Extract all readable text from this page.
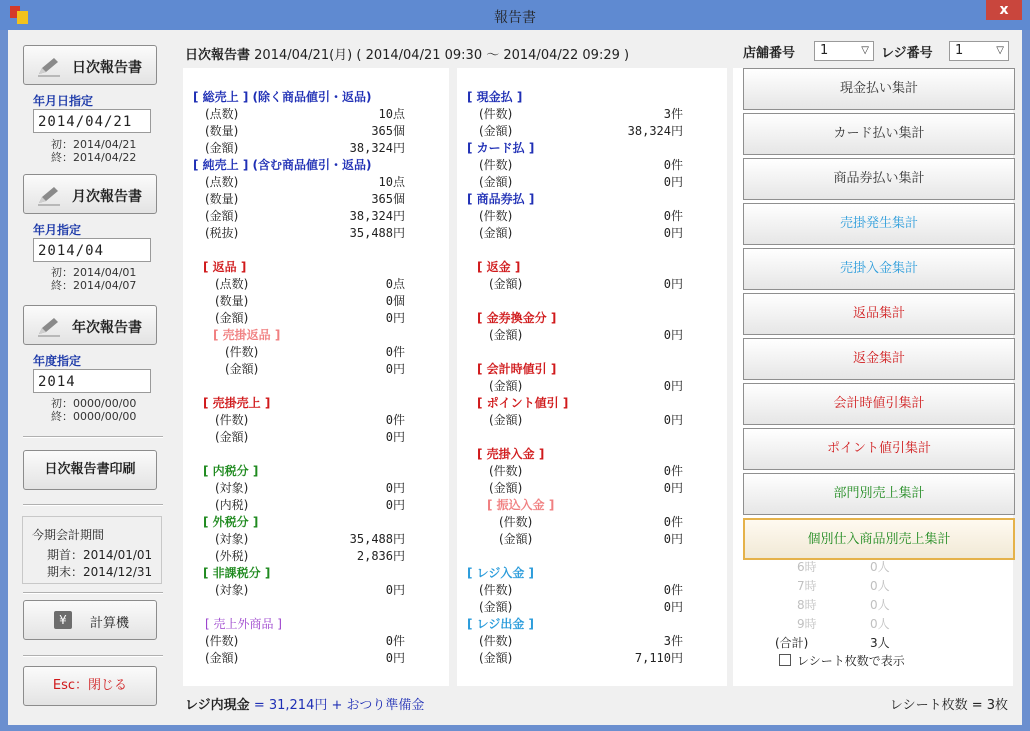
報告書	x
日次報告書
年月日指定
2014/04/21
初：2014/04/21
終：2014/04/22
月次報告書
年月指定
2014/04
初：2014/04/01
終：2014/04/07
年次報告書
年度指定
2014
初：0000/00/00
終：0000/00/00
日次報告書印刷
今期会計期間
期首：2014/01/01
期末：2014/12/31
¥	計算機
Esc：閉じる
日次報告書 2014/04/21(月) ( 2014/04/21 09:30 ～ 2014/04/22 09:29 )	店舗番号	1	▽ レジ番号	1	▽
[ 総売上 ] (除く商品値引・返品)
(点数)	10点
(数量)	365個
(金額)	38,324円
[ 純売上 ] (含む商品値引・返品)
(点数)	10点
(数量)	365個
(金額)	38,324円
(税抜)	35,488円
[ 返品 ]
(点数)	0点
(数量)	0個
(金額)	0円
[ 売掛返品 ]
(件数)	0件
(金額)	0円
[ 売掛売上 ]
(件数)	0件
(金額)	0円
[ 内税分 ]
(対象)	0円
(内税)	0円
[ 外税分 ]
(対象)	35,488円
(外税)	2,836円
[ 非課税分 ]
(対象)	0円
[ 売上外商品 ]
(件数)	0件
(金額)	0円
[ 現金払 ]
(件数)	3件
(金額)	38,324円
[ カード払 ]
(件数)	0件
(金額)	0円
[ 商品券払 ]
(件数)	0件
(金額)	0円
[ 返金 ]
(金額)	0円
[ 金券換金分 ]
(金額)	0円
[ 会計時値引 ]
(金額)	0円
[ ポイント値引 ]
(金額)	0円
[ 売掛入金 ]
(件数)	0件
(金額)	0円
[ 振込入金 ]
(件数)	0件
(金額)	0円
[ レジ入金 ]
(件数)	0件
(金額)	0円
[ レジ出金 ]
(件数)	3件
(金額)	7,110円
6時	0人
7時	0人
8時	0人
9時	0人
(合計)	3人
レシート枚数で表示
レジ内現金 = 31,214円 + おつり準備金	レシート枚数 = 3枚
現金払い集計
カード払い集計
商品券払い集計
売掛発生集計
売掛入金集計
返品集計
返金集計
会計時値引集計
ポイント値引集計
部門別売上集計
個別仕入商品別売上集計
